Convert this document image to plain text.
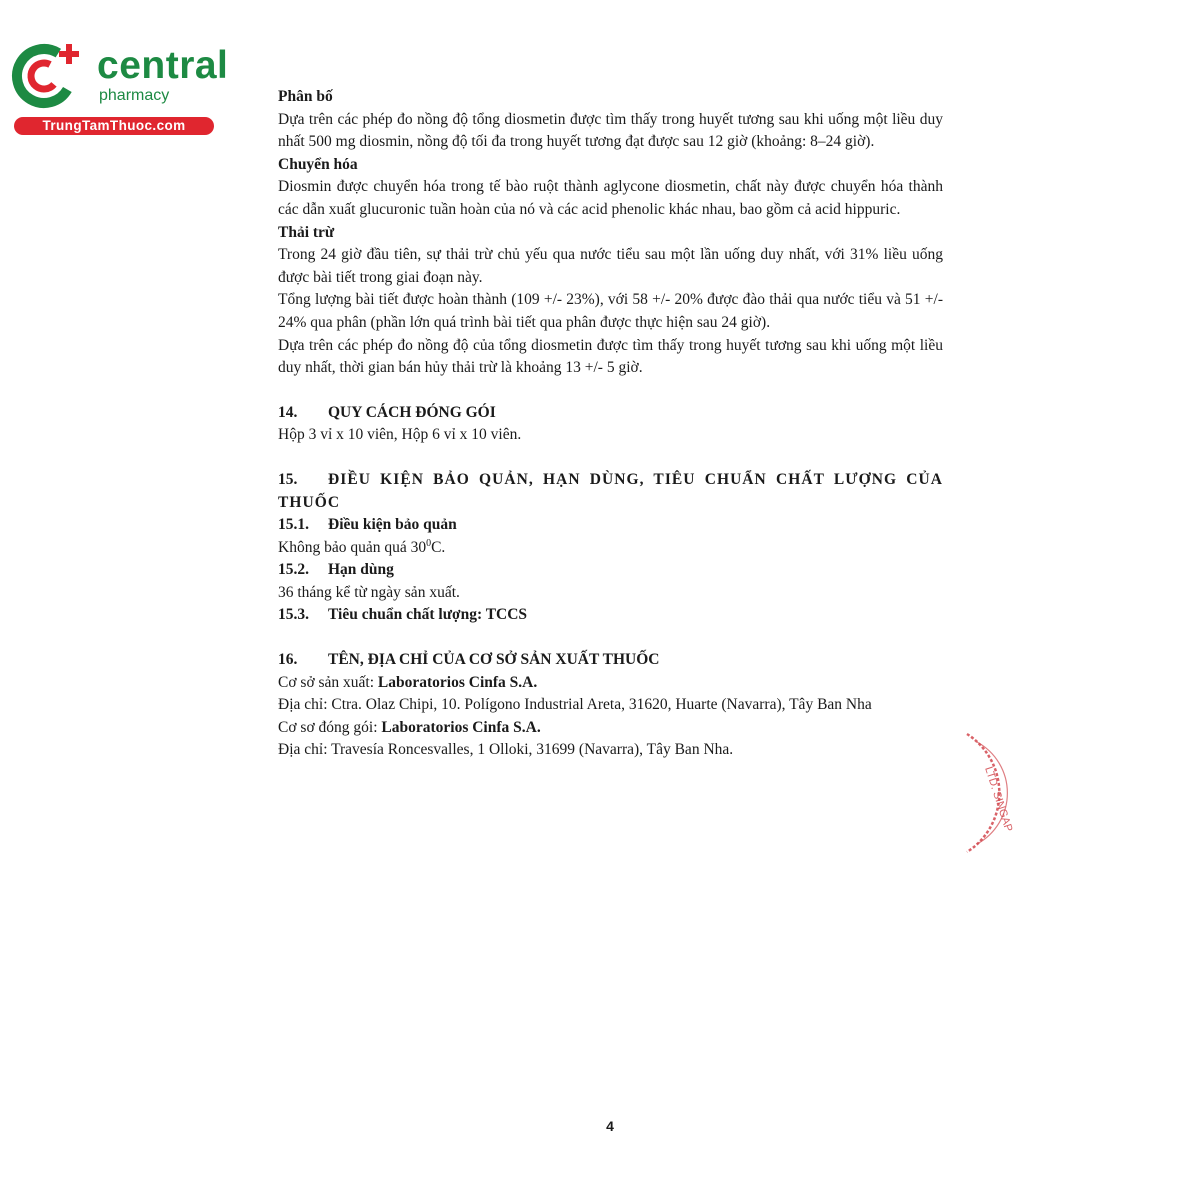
central
pharmacy
TrungTamThuoc.com

Phân bố

Dựa trên các phép đo nồng độ tổng diosmetin được tìm thấy trong huyết tương sau khi uống một liều duy nhất 500 mg diosmin, nồng độ tối đa trong huyết tương đạt được sau 12 giờ (khoảng: 8–24 giờ).

Chuyển hóa

Diosmin được chuyển hóa trong tế bào ruột thành aglycone diosmetin, chất này được chuyển hóa thành các dẫn xuất glucuronic tuần hoàn của nó và các acid phenolic khác nhau, bao gồm cả acid hippuric.

Thải trừ

Trong 24 giờ đầu tiên, sự thải trừ chủ yếu qua nước tiểu sau một lần uống duy nhất, với 31% liều uống được bài tiết trong giai đoạn này.

Tổng lượng bài tiết được hoàn thành (109 +/- 23%), với 58 +/- 20% được đào thải qua nước tiểu và 51 +/- 24% qua phân (phần lớn quá trình bài tiết qua phân được thực hiện sau 24 giờ).

Dựa trên các phép đo nồng độ của tổng diosmetin được tìm thấy trong huyết tương sau khi uống một liều duy nhất, thời gian bán hủy thải trừ là khoảng 13 +/- 5 giờ.

14.	QUY CÁCH ĐÓNG GÓI

Hộp 3 vỉ x 10 viên, Hộp 6 vỉ x 10 viên.

15. ĐIỀU KIỆN BẢO QUẢN, HẠN DÙNG, TIÊU CHUẨN CHẤT LƯỢNG CỦA THUỐC

15.1.	Điều kiện bảo quản

Không bảo quản quá $30^0C$.

15.2.	Hạn dùng

36 tháng kể từ ngày sản xuất.

15.3.	Tiêu chuẩn chất lượng: TCCS

16.	TÊN, ĐỊA CHỈ CỦA CƠ SỞ SẢN XUẤT THUỐC

Cơ sở sản xuất: Laboratorios Cinfa S.A.

Địa chỉ: Ctra. Olaz Chipi, 10. Polígono Industrial Areta, 31620, Huarte (Navarra), Tây Ban Nha

Cơ sơ đóng gói: Laboratorios Cinfa S.A.

Địa chỉ: Travesía Roncesvalles, 1 Olloki, 31699 (Navarra), Tây Ban Nha.

LTD. SINGAP
4
